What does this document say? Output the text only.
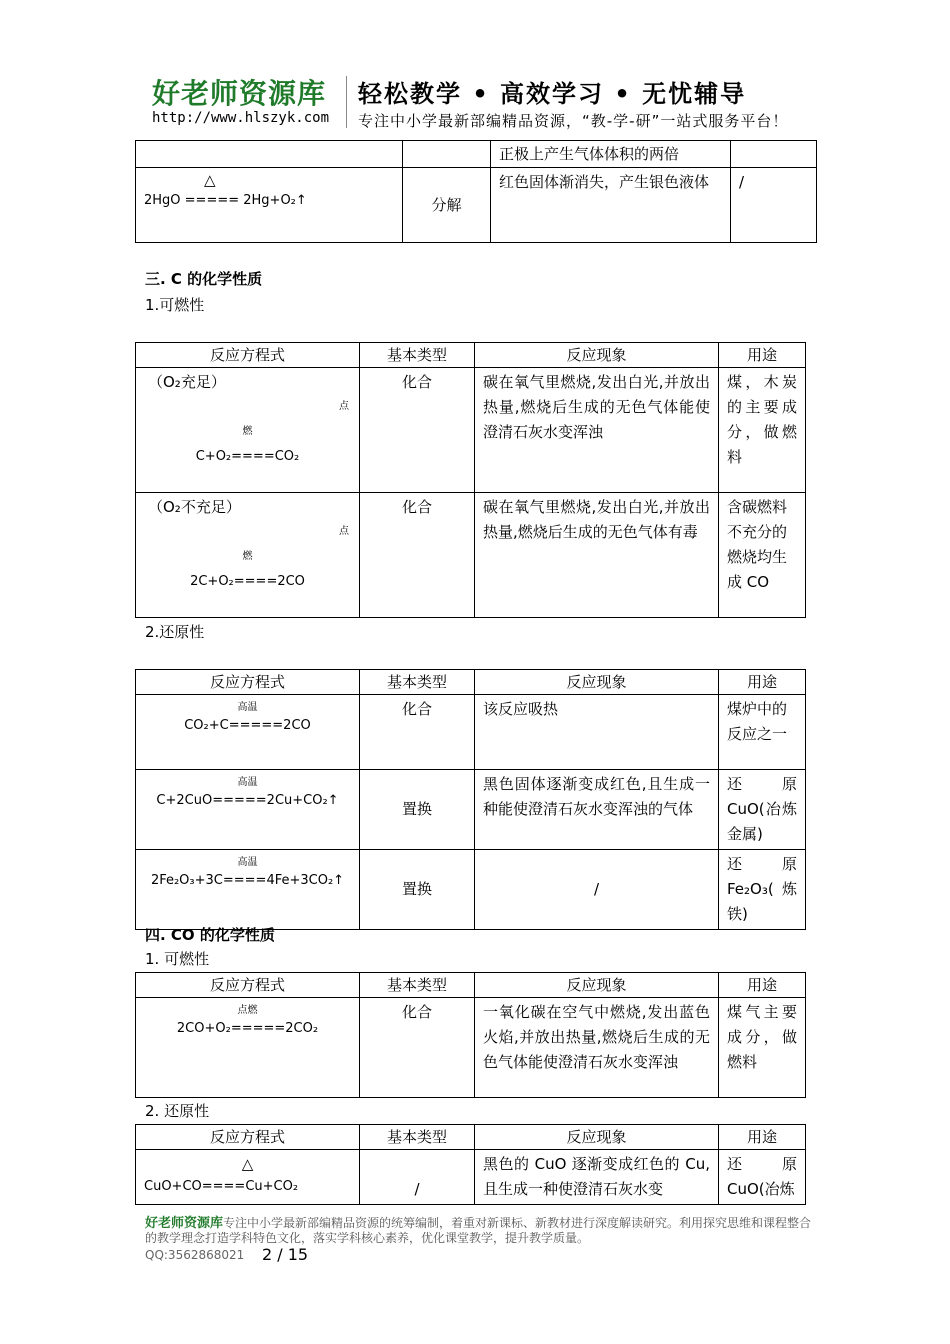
好老师资源库
http://www.hlszyk.com
轻松教学 • 高效学习 • 无忧辅导
专注中小学最新部编精品资源，“教-学-研”一站式服务平台！
		正极上产生气体体积的两倍	

△
2HgO ===== 2Hg+O₂↑	分解	红色固体渐消失，产生银色液体	/
三. C 的化学性质
1.可燃性
反应方程式	基本类型	反应现象	用途

（O₂充足）
点
燃
C+O₂====CO₂	化合	碳在氧气里燃烧,发出白光,并放出热量,燃烧后生成的无色气体能使澄清石灰水变浑浊	煤，木炭的主要成分，做燃料

（O₂不充足）
点
燃
2C+O₂====2CO	化合	碳在氧气里燃烧,发出白光,并放出热量,燃烧后生成的无色气体有毒	含碳燃料不充分的燃烧均生成 CO
2.还原性
反应方程式	基本类型	反应现象	用途

高温
CO₂+C=====2CO	化合	该反应吸热	煤炉中的反应之一

高温
C+2CuO=====2Cu+CO₂↑	置换	黑色固体逐渐变成红色,且生成一种能使澄清石灰水变浑浊的气体	还原 CuO(冶炼金属)

高温
2Fe₂O₃+3C====4Fe+3CO₂↑	置换	/	还原 Fe₂O₃(炼铁)
四. CO 的化学性质
1. 可燃性
反应方程式	基本类型	反应现象	用途

点燃
2CO+O₂=====2CO₂	化合	一氧化碳在空气中燃烧,发出蓝色火焰,并放出热量,燃烧后生成的无色气体能使澄清石灰水变浑浊	煤气主要成分，做燃料
2. 还原性
反应方程式	基本类型	反应现象	用途

△
CuO+CO====Cu+CO₂	/	黑色的 CuO 逐渐变成红色的 Cu,且生成一种使澄清石灰水变	还原 CuO(冶炼
好老师资源库专注中小学最新部编精品资源的统筹编制，着重对新课标、新教材进行深度解读研究。利用探究思维和课程整合的教学理念打造学科特色文化，落实学科核心素养，优化课堂教学，提升教学质量。
QQ:3562868021 2 / 15
